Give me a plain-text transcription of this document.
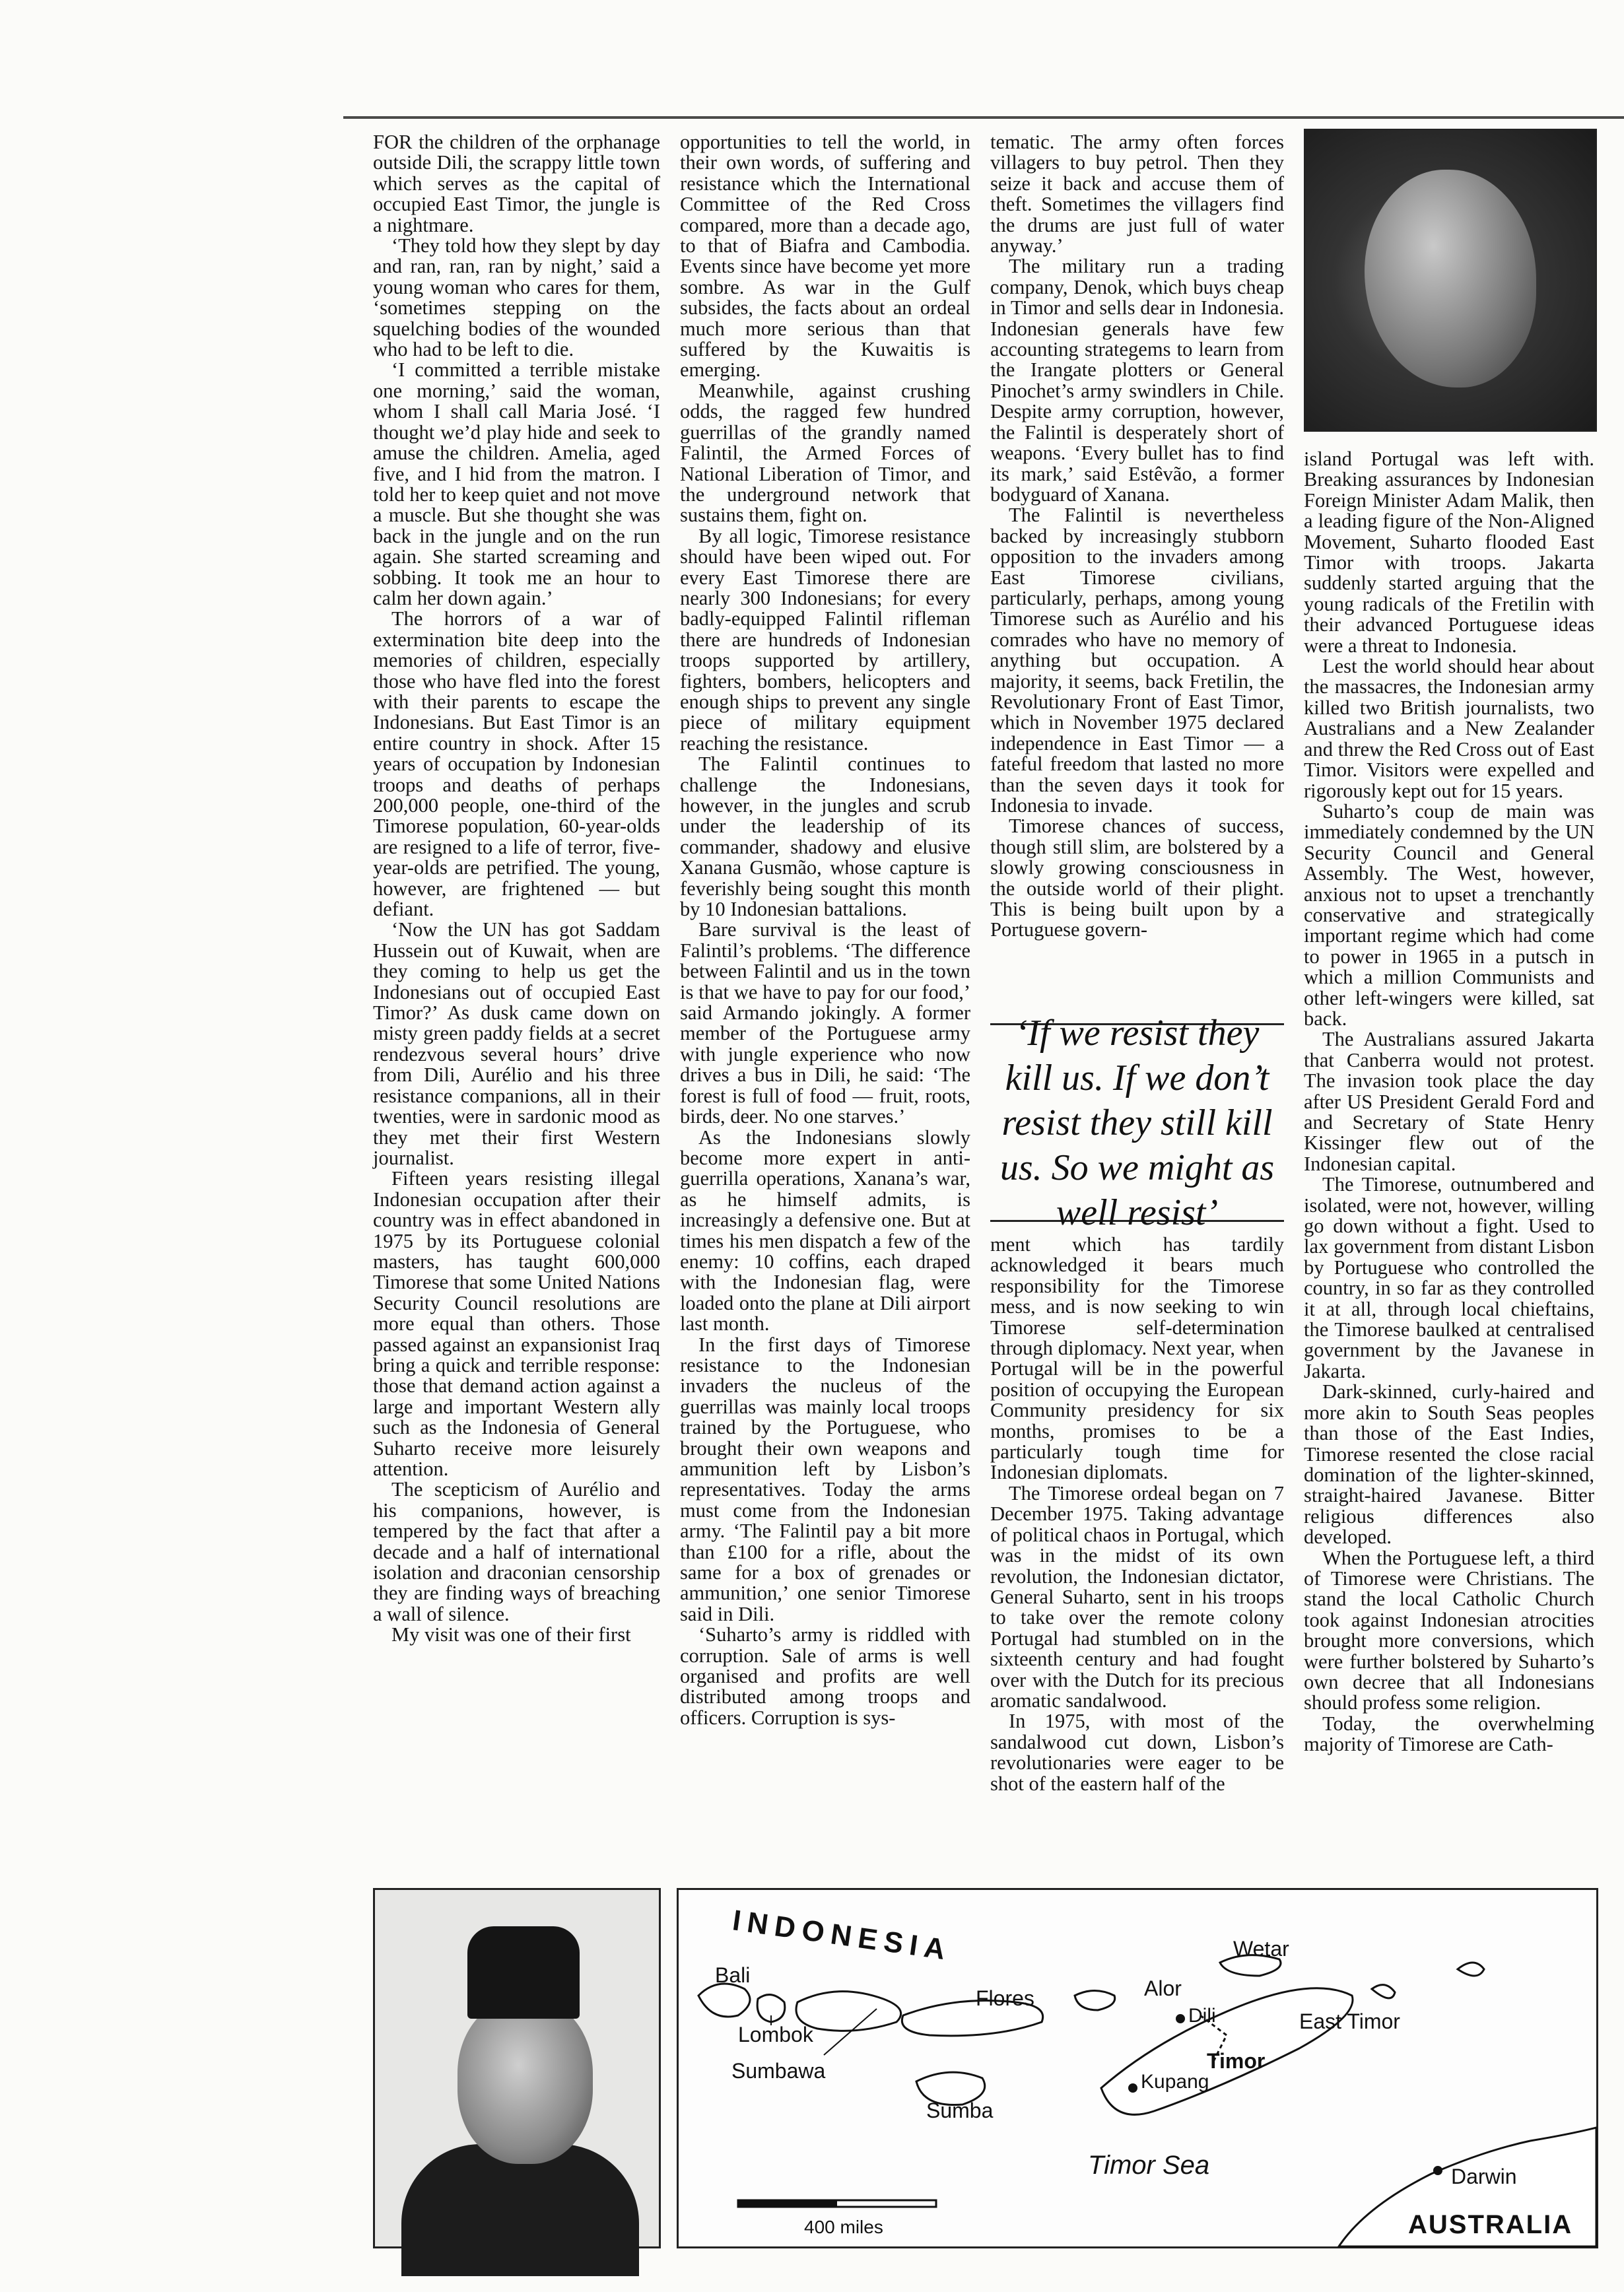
FOR the children of the orphanage outside Dili, the scrappy little town which serves as the capital of occupied East Timor, the jungle is a nightmare.

‘They told how they slept by day and ran, ran, ran by night,’ said a young woman who cares for them, ‘sometimes stepping on the squelching bodies of the wounded who had to be left to die.

‘I committed a terrible mistake one morning,’ said the woman, whom I shall call Maria José. ‘I thought we’d play hide and seek to amuse the children. Amelia, aged five, and I hid from the matron. I told her to keep quiet and not move a muscle. But she thought she was back in the jungle and on the run again. She started screaming and sobbing. It took me an hour to calm her down again.’

The horrors of a war of extermination bite deep into the memories of children, especially those who have fled into the forest with their parents to escape the Indonesians. But East Timor is an entire country in shock. After 15 years of occupation by Indonesian troops and deaths of perhaps 200,000 people, one-third of the Timorese population, 60-year-olds are resigned to a life of terror, five-year-olds are petrified. The young, however, are frightened — but defiant.

‘Now the UN has got Saddam Hussein out of Kuwait, when are they coming to help us get the Indonesians out of occupied East Timor?’ As dusk came down on misty green paddy fields at a secret rendezvous several hours’ drive from Dili, Aurélio and his three resistance companions, all in their twenties, were in sardonic mood as they met their first Western journalist.

Fifteen years resisting illegal Indonesian occupation after their country was in effect abandoned in 1975 by its Portuguese colonial masters, has taught 600,000 Timorese that some United Nations Security Council resolutions are more equal than others. Those passed against an expansionist Iraq bring a quick and terrible response: those that demand action against a large and important Western ally such as the Indonesia of General Suharto receive more leisurely attention.

The scepticism of Aurélio and his companions, however, is tempered by the fact that after a decade and a half of international isolation and draconian censorship they are finding ways of breaching a wall of silence.

My visit was one of their first

opportunities to tell the world, in their own words, of suffering and resistance which the International Committee of the Red Cross compared, more than a decade ago, to that of Biafra and Cambodia. Events since have become yet more sombre. As war in the Gulf subsides, the facts about an ordeal much more serious than that suffered by the Kuwaitis is emerging.

Meanwhile, against crushing odds, the ragged few hundred guerrillas of the grandly named Falintil, the Armed Forces of National Liberation of Timor, and the underground network that sustains them, fight on.

By all logic, Timorese resistance should have been wiped out. For every East Timorese there are nearly 300 Indonesians; for every badly-equipped Falintil rifleman there are hundreds of Indonesian troops supported by artillery, fighters, bombers, helicopters and enough ships to prevent any single piece of military equipment reaching the resistance.

The Falintil continues to challenge the Indonesians, however, in the jungles and scrub under the leadership of its commander, shadowy and elusive Xanana Gusmão, whose capture is feverishly being sought this month by 10 Indonesian battalions.

Bare survival is the least of Falintil’s problems. ‘The difference between Falintil and us in the town is that we have to pay for our food,’ said Armando jokingly. A former member of the Portuguese army with jungle experience who now drives a bus in Dili, he said: ‘The forest is full of food — fruit, roots, birds, deer. No one starves.’

As the Indonesians slowly become more expert in anti-guerrilla operations, Xanana’s war, as he himself admits, is increasingly a defensive one. But at times his men dispatch a few of the enemy: 10 coffins, each draped with the Indonesian flag, were loaded onto the plane at Dili airport last month.

In the first days of Timorese resistance to the Indonesian invaders the nucleus of the guerrillas was mainly local troops trained by the Portuguese, who brought their own weapons and ammunition left by Lisbon’s representatives. Today the arms must come from the Indonesian army. ‘The Falintil pay a bit more than £100 for a rifle, about the same for a box of grenades or ammunition,’ one senior Timorese said in Dili.

‘Suharto’s army is riddled with corruption. Sale of arms is well organised and profits are well distributed among troops and officers. Corruption is sys-

tematic. The army often forces villagers to buy petrol. Then they seize it back and accuse them of theft. Sometimes the villagers find the drums are just full of water anyway.’

The military run a trading company, Denok, which buys cheap in Timor and sells dear in Indonesia. Indonesian generals have few accounting strategems to learn from the Irangate plotters or General Pinochet’s army swindlers in Chile. Despite army corruption, however, the Falintil is desperately short of weapons. ‘Every bullet has to find its mark,’ said Estêvão, a former bodyguard of Xanana.

The Falintil is nevertheless backed by increasingly stubborn opposition to the invaders among East Timorese civilians, particularly, perhaps, among young Timorese such as Aurélio and his comrades who have no memory of anything but occupation. A majority, it seems, back Fretilin, the Revolutionary Front of East Timor, which in November 1975 declared independence in East Timor — a fateful freedom that lasted no more than the seven days it took for Indonesia to invade.

Timorese chances of success, though still slim, are bolstered by a slowly growing consciousness in the outside world of their plight. This is being built upon by a Portuguese govern-

‘If we resist they kill us. If we don’t resist they still kill us. So we might as well resist’

ment which has tardily acknowledged it bears much responsibility for the Timorese mess, and is now seeking to win Timorese self-determination through diplomacy. Next year, when Portugal will be in the powerful position of occupying the European Community presidency for six months, promises to be a particularly tough time for Indonesian diplomats.

The Timorese ordeal began on 7 December 1975. Taking advantage of political chaos in Portugal, which was in the midst of its own revolution, the Indonesian dictator, General Suharto, sent in his troops to take over the remote colony Portugal had stumbled on in the sixteenth century and had fought over with the Dutch for its precious aromatic sandalwood.

In 1975, with most of the sandalwood cut down, Lisbon’s revolutionaries were eager to be shot of the eastern half of the

island Portugal was left with. Breaking assurances by Indonesian Foreign Minister Adam Malik, then a leading figure of the Non-Aligned Movement, Suharto flooded East Timor with troops. Jakarta suddenly started arguing that the young radicals of the Fretilin with their advanced Portuguese ideas were a threat to Indonesia.

Lest the world should hear about the massacres, the Indonesian army killed two British journalists, two Australians and a New Zealander and threw the Red Cross out of East Timor. Visitors were expelled and rigorously kept out for 15 years.

Suharto’s coup de main was immediately condemned by the UN Security Council and General Assembly. The West, however, anxious not to upset a trenchantly conservative and strategically important regime which had come to power in 1965 in a putsch in which a million Communists and other left-wingers were killed, sat back.

The Australians assured Jakarta that Canberra would not protest. The invasion took place the day after US President Gerald Ford and and Secretary of State Henry Kissinger flew out of the Indonesian capital.

The Timorese, outnumbered and isolated, were not, however, willing go down without a fight. Used to lax government from distant Lisbon by Portuguese who controlled the country, in so far as they controlled it at all, through local chieftains, the Timorese baulked at centralised government by the Javanese in Jakarta.

Dark-skinned, curly-haired and more akin to South Seas peoples than those of the East Indies, Timorese resented the close racial domination of the lighter-skinned, straight-haired Javanese. Bitter religious differences also developed.

When the Portuguese left, a third of Timorese were Christians. The stand the local Catholic Church took against Indonesian atrocities brought more conversions, which were further bolstered by Suharto’s own decree that all Indonesians should profess some religion.

Today, the overwhelming majority of Timorese are Cath-

INDONESIA
Bali
Lombok
Sumbawa
Flores
Sumba
Alor
Wetar
Dili	East Timor
Timor
Kupang
Timor Sea	Darwin
AUSTRALIA
400 miles
